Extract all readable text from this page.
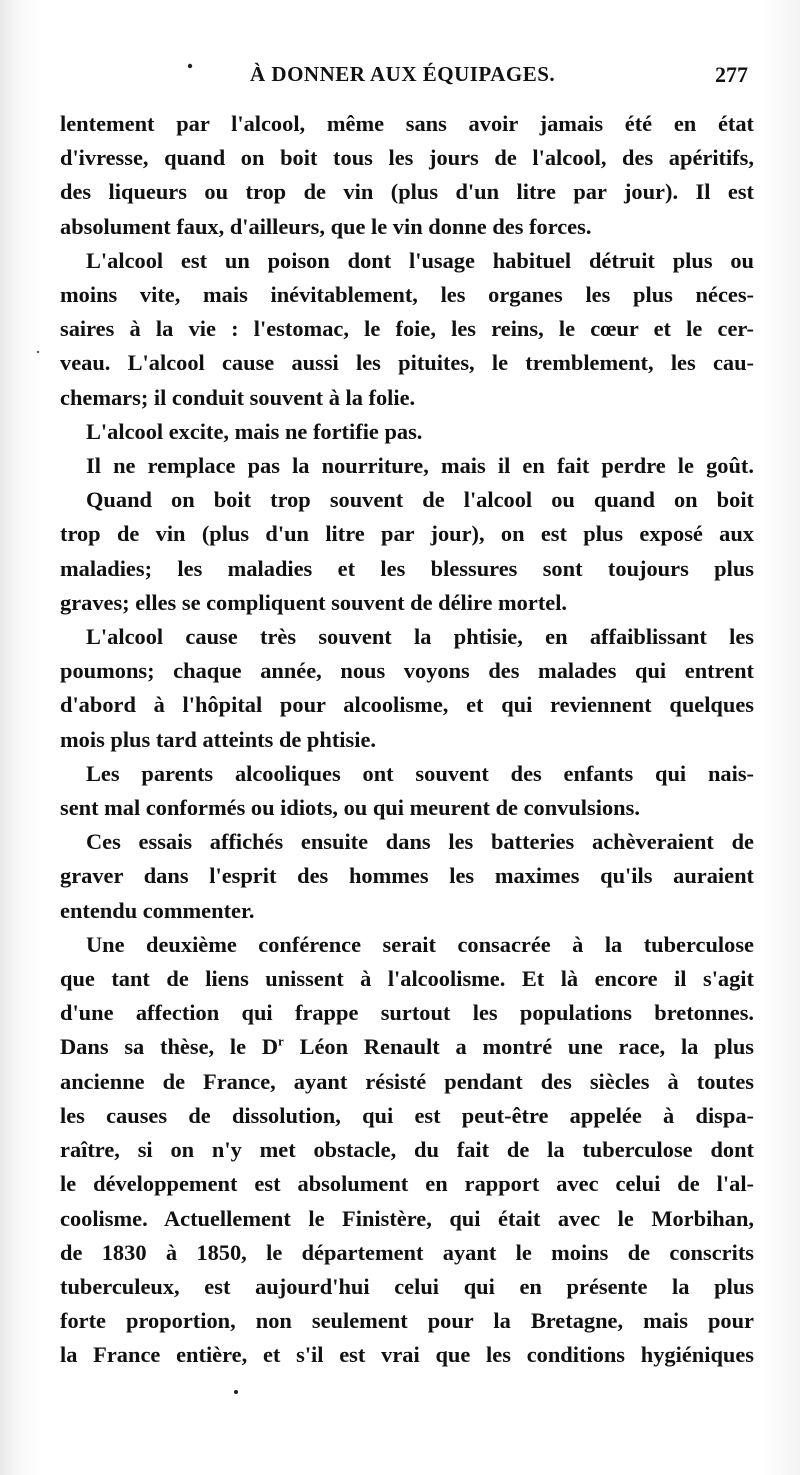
À DONNER AUX ÉQUIPAGES.	277
lentement par l'alcool, même sans avoir jamais été en état
d'ivresse, quand on boit tous les jours de l'alcool, des apéritifs,
des liqueurs ou trop de vin (plus d'un litre par jour). Il est
absolument faux, d'ailleurs, que le vin donne des forces.
L'alcool est un poison dont l'usage habituel détruit plus ou
moins vite, mais inévitablement, les organes les plus néces-
saires à la vie : l'estomac, le foie, les reins, le cœur et le cer-
veau. L'alcool cause aussi les pituites, le tremblement, les cau-
chemars; il conduit souvent à la folie.
L'alcool excite, mais ne fortifie pas.
Il ne remplace pas la nourriture, mais il en fait perdre le goût.
Quand on boit trop souvent de l'alcool ou quand on boit
trop de vin (plus d'un litre par jour), on est plus exposé aux
maladies; les maladies et les blessures sont toujours plus
graves; elles se compliquent souvent de délire mortel.
L'alcool cause très souvent la phtisie, en affaiblissant les
poumons; chaque année, nous voyons des malades qui entrent
d'abord à l'hôpital pour alcoolisme, et qui reviennent quelques
mois plus tard atteints de phtisie.
Les parents alcooliques ont souvent des enfants qui nais-
sent mal conformés ou idiots, ou qui meurent de convulsions.
Ces essais affichés ensuite dans les batteries achèveraient de
graver dans l'esprit des hommes les maximes qu'ils auraient
entendu commenter.
Une deuxième conférence serait consacrée à la tuberculose
que tant de liens unissent à l'alcoolisme. Et là encore il s'agit
d'une affection qui frappe surtout les populations bretonnes.
Dans sa thèse, le $D^r$ Léon Renault a montré une race, la plus
ancienne de France, ayant résisté pendant des siècles à toutes
les causes de dissolution, qui est peut-être appelée à dispa-
raître, si on n'y met obstacle, du fait de la tuberculose dont
le développement est absolument en rapport avec celui de l'al-
coolisme. Actuellement le Finistère, qui était avec le Morbihan,
de 1830 à 1850, le département ayant le moins de conscrits
tuberculeux, est aujourd'hui celui qui en présente la plus
forte proportion, non seulement pour la Bretagne, mais pour
la France entière, et s'il est vrai que les conditions hygiéniques
